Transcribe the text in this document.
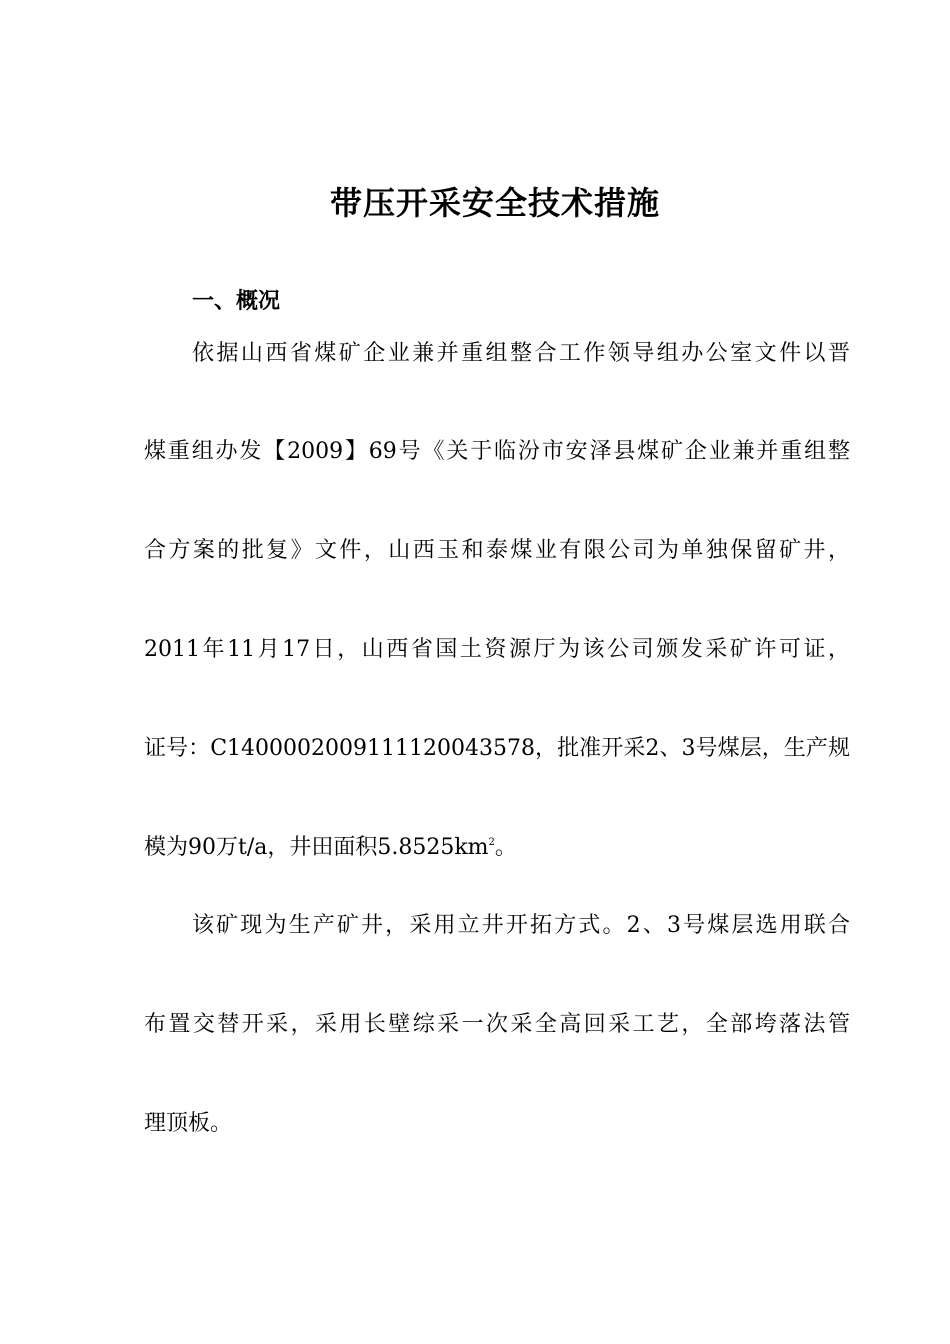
带压开采安全技术措施
一、概况

依据山西省煤矿企业兼并重组整合工作领导组办公室文件以晋

煤重组办发【2009】69号《关于临汾市安泽县煤矿企业兼并重组整

合方案的批复》文件，山西玉和泰煤业有限公司为单独保留矿井，

2011年11月17日，山西省国土资源厅为该公司颁发采矿许可证，

证号：C1400002009111120043578，批准开采2、3号煤层，生产规

模为90万t/a，井田面积$5.8525km^2$。

该矿现为生产矿井，采用立井开拓方式。2、3号煤层选用联合

布置交替开采，采用长壁综采一次采全高回采工艺，全部垮落法管

理顶板。
